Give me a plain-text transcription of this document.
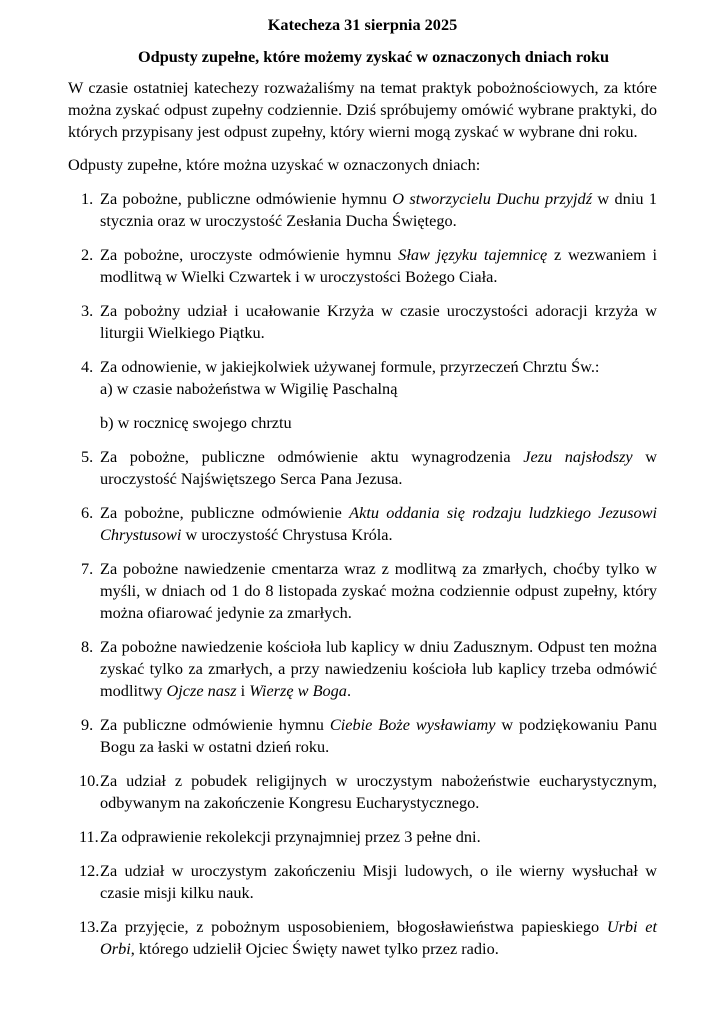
Katecheza 31 sierpnia 2025
Odpusty zupełne, które możemy zyskać w oznaczonych dniach roku

W czasie ostatniej katechezy rozważaliśmy na temat praktyk pobożnościowych, za które można zyskać odpust zupełny codziennie. Dziś spróbujemy omówić wybrane praktyki, do których przypisany jest odpust zupełny, który wierni mogą zyskać w wybrane dni roku.

Odpusty zupełne, które można uzyskać w oznaczonych dniach:

1. Za pobożne, publiczne odmówienie hymnu O stworzycielu Duchu przyjdź w dniu 1 stycznia oraz w uroczystość Zesłania Ducha Świętego.
2. Za pobożne, uroczyste odmówienie hymnu Sław języku tajemnicę z wezwaniem i modlitwą w Wielki Czwartek i w uroczystości Bożego Ciała.
3. Za pobożny udział i ucałowanie Krzyża w czasie uroczystości adoracji krzyża w liturgii Wielkiego Piątku.
4. Za odnowienie, w jakiejkolwiek używanej formule, przyrzeczeń Chrztu Św.:
a) w czasie nabożeństwa w Wigilię Paschalną
b) w rocznicę swojego chrztu
5. Za pobożne, publiczne odmówienie aktu wynagrodzenia Jezu najsłodszy w uroczystość Najświętszego Serca Pana Jezusa.
6. Za pobożne, publiczne odmówienie Aktu oddania się rodzaju ludzkiego Jezusowi Chrystusowi w uroczystość Chrystusa Króla.
7. Za pobożne nawiedzenie cmentarza wraz z modlitwą za zmarłych, choćby tylko w myśli, w dniach od 1 do 8 listopada zyskać można codziennie odpust zupełny, który można ofiarować jedynie za zmarłych.
8. Za pobożne nawiedzenie kościoła lub kaplicy w dniu Zadusznym. Odpust ten można zyskać tylko za zmarłych, a przy nawiedzeniu kościoła lub kaplicy trzeba odmówić modlitwy Ojcze nasz i Wierzę w Boga.
9. Za publiczne odmówienie hymnu Ciebie Boże wysławiamy w podziękowaniu Panu Bogu za łaski w ostatni dzień roku.
10. Za udział z pobudek religijnych w uroczystym nabożeństwie eucharystycznym, odbywanym na zakończenie Kongresu Eucharystycznego.
11. Za odprawienie rekolekcji przynajmniej przez 3 pełne dni.
12. Za udział w uroczystym zakończeniu Misji ludowych, o ile wierny wysłuchał w czasie misji kilku nauk.
13. Za przyjęcie, z pobożnym usposobieniem, błogosławieństwa papieskiego Urbi et Orbi, którego udzielił Ojciec Święty nawet tylko przez radio.
